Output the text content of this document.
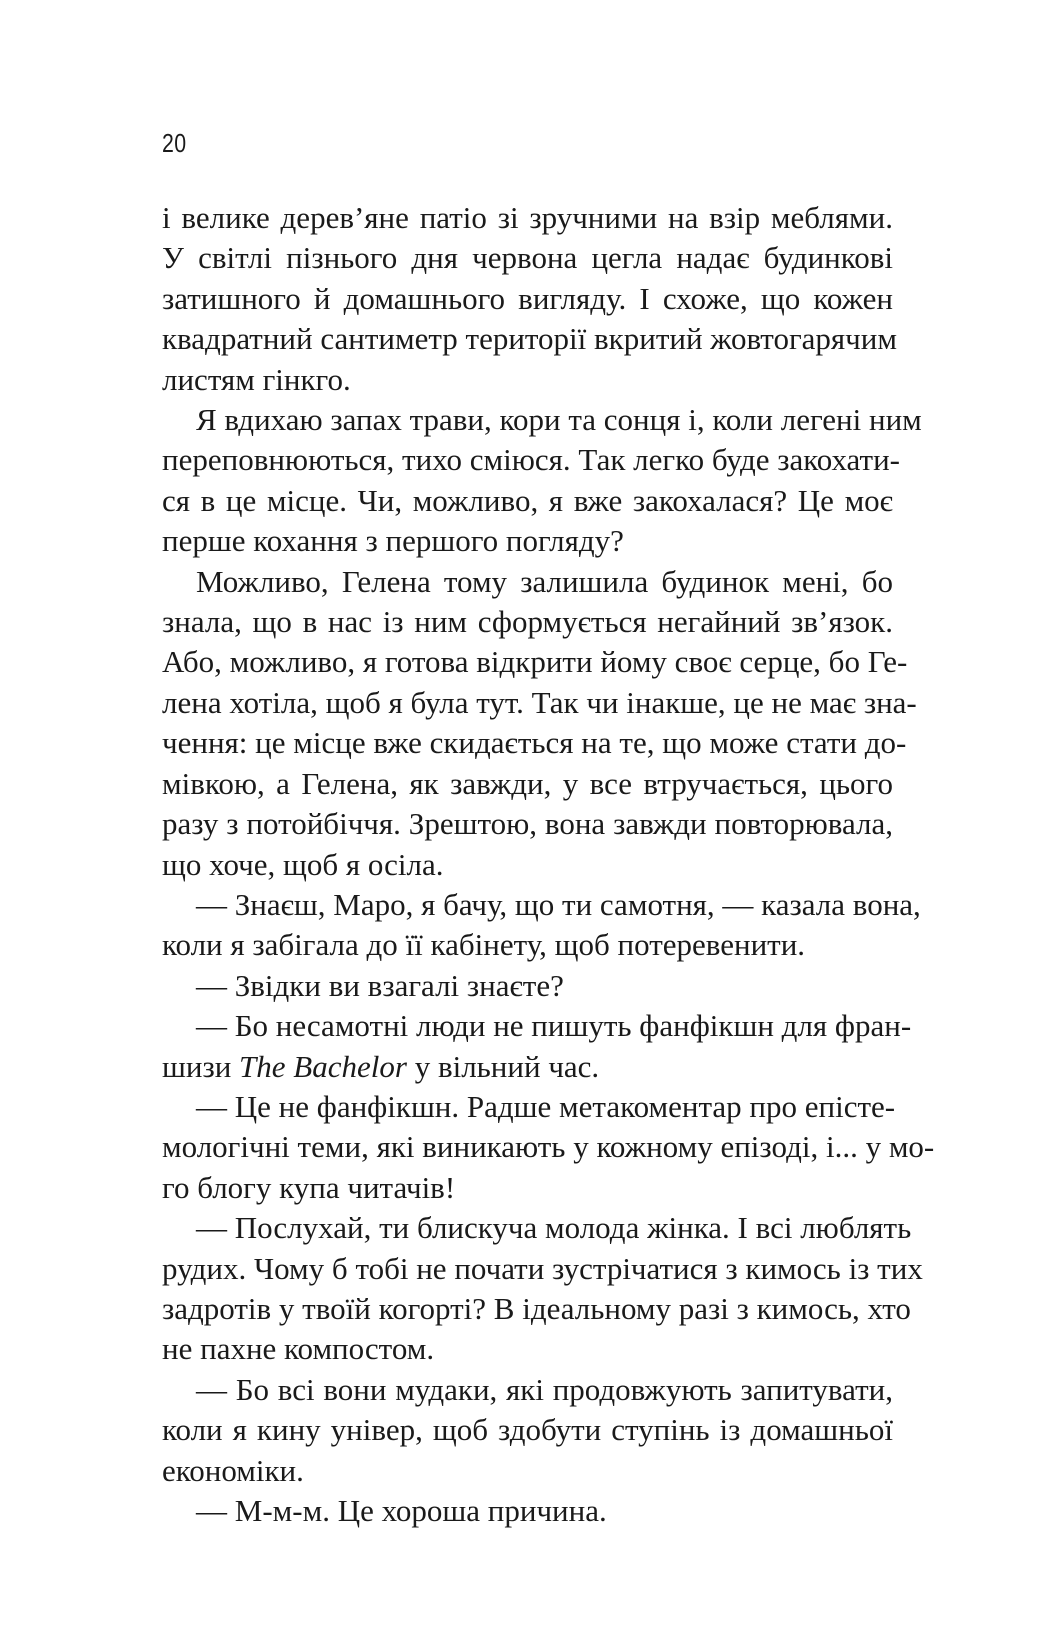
20
і велике дерев’яне патіо зі зручними на взір меблями.
У світлі пізнього дня червона цегла надає будинкові
затишного й домашнього вигляду. І схоже, що кожен
квадратний сантиметр території вкритий жовтогарячим
листям гінкго.
Я вдихаю запах трави, кори та сонця і, коли легені ним
переповнюються, тихо сміюся. Так легко буде закохати-
ся в це місце. Чи, можливо, я вже закохалася? Це моє
перше кохання з першого погляду?
Можливо, Гелена тому залишила будинок мені, бо
знала, що в нас із ним сформується негайний зв’язок.
Або, можливо, я готова відкрити йому своє серце, бо Ге-
лена хотіла, щоб я була тут. Так чи інакше, це не має зна-
чення: це місце вже скидається на те, що може стати до-
мівкою, а Гелена, як завжди, у все втручається, цього
разу з потойбіччя. Зрештою, вона завжди повторювала,
що хоче, щоб я осіла.
— Знаєш, Маро, я бачу, що ти самотня, — казала вона,
коли я забігала до її кабінету, щоб потеревенити.
— Звідки ви взагалі знаєте?
— Бо несамотні люди не пишуть фанфікшн для фран-
шизи The Bachelor у вільний час.
— Це не фанфікшн. Радше метакоментар про епісте-
мологічні теми, які виникають у кожному епізоді, і... у мо-
го блогу купа читачів!
— Послухай, ти блискуча молода жінка. І всі люблять
рудих. Чому б тобі не почати зустрічатися з кимось із тих
задротів у твоїй когорті? В ідеальному разі з кимось, хто
не пахне компостом.
— Бо всі вони мудаки, які продовжують запитувати,
коли я кину універ, щоб здобути ступінь із домашньої
економіки.
— М-м-м. Це хороша причина.
